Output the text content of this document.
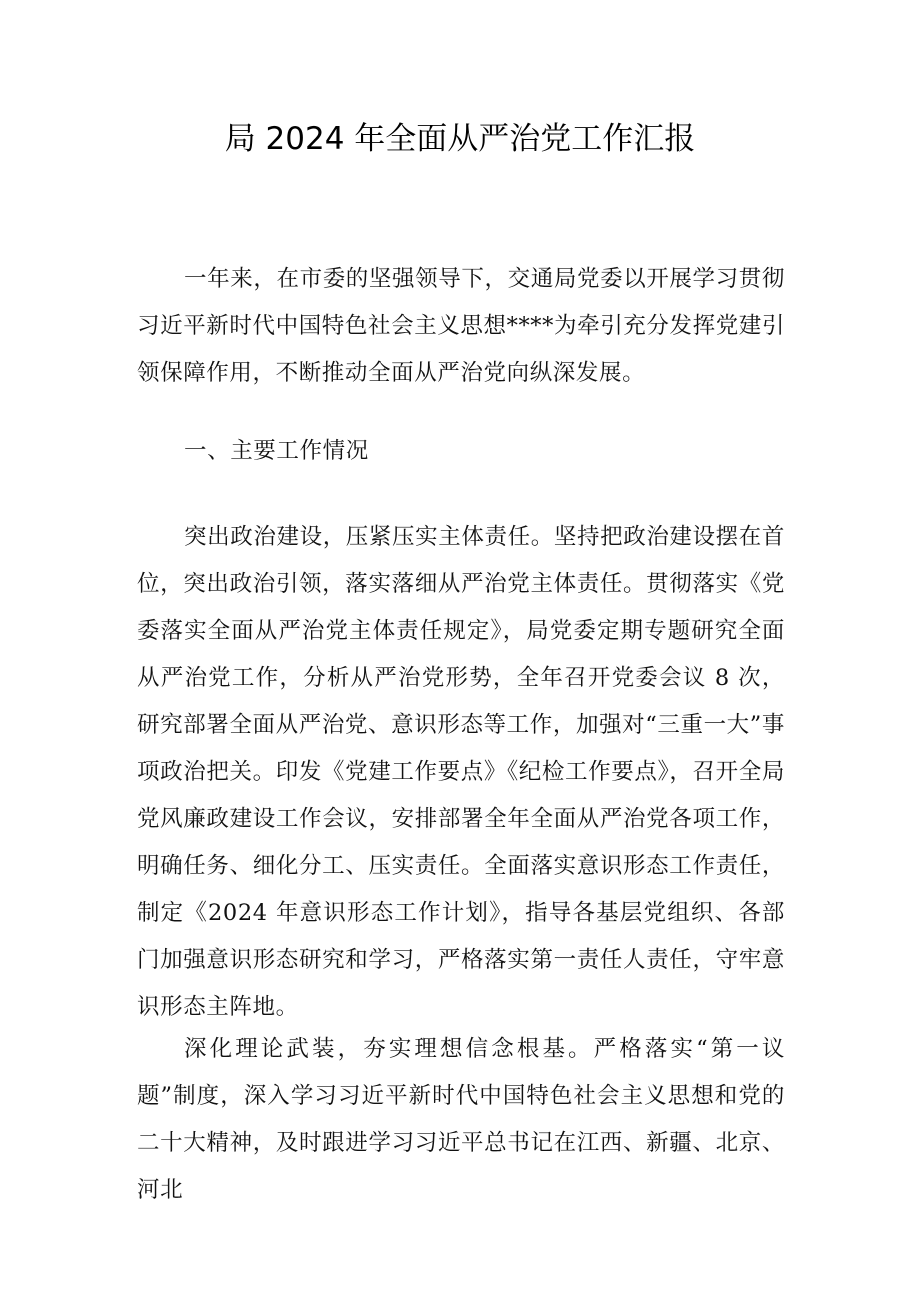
局 2024 年全面从严治党工作汇报

一年来，在市委的坚强领导下，交通局党委以开展学习贯彻习近平新时代中国特色社会主义思想****为牵引充分发挥党建引领保障作用，不断推动全面从严治党向纵深发展。

一、主要工作情况

突出政治建设，压紧压实主体责任。坚持把政治建设摆在首位，突出政治引领，落实落细从严治党主体责任。贯彻落实《党委落实全面从严治党主体责任规定》，局党委定期专题研究全面从严治党工作，分析从严治党形势，全年召开党委会议 8 次，研究部署全面从严治党、意识形态等工作，加强对“三重一大”事项政治把关。印发《党建工作要点》《纪检工作要点》，召开全局党风廉政建设工作会议，安排部署全年全面从严治党各项工作，明确任务、细化分工、压实责任。全面落实意识形态工作责任，制定《2024 年意识形态工作计划》，指导各基层党组织、各部门加强意识形态研究和学习，严格落实第一责任人责任，守牢意识形态主阵地。

深化理论武装，夯实理想信念根基。严格落实“第一议题”制度，深入学习习近平新时代中国特色社会主义思想和党的二十大精神，及时跟进学习习近平总书记在江西、新疆、北京、河北
